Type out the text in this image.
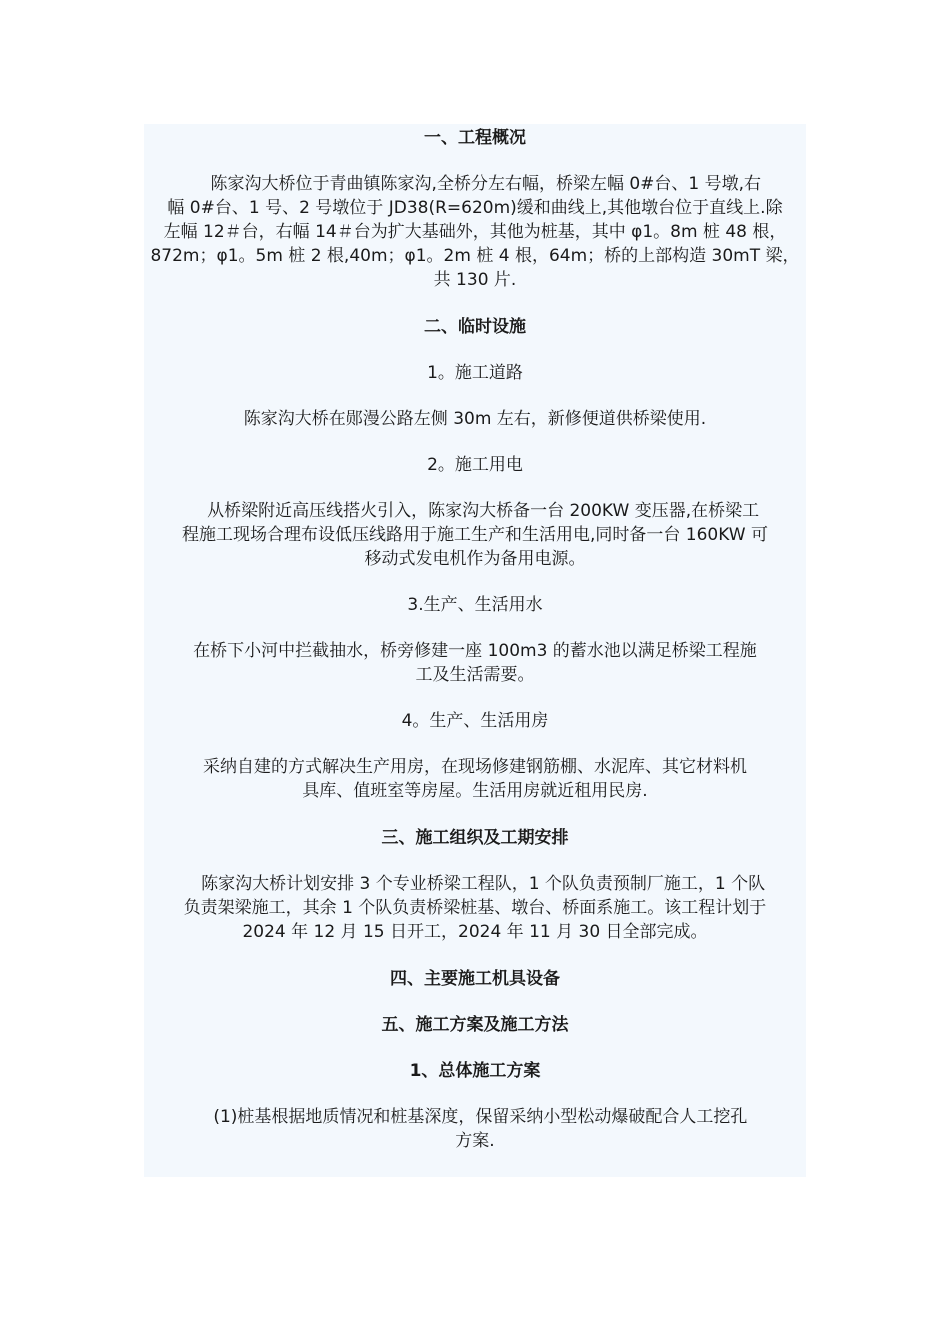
一、工程概况

陈家沟大桥位于青曲镇陈家沟,全桥分左右幅，桥梁左幅 0#台、1 号墩,右

幅 0#台、1 号、2 号墩位于 JD38(R=620m)缓和曲线上,其他墩台位于直线上.除

左幅 12＃台，右幅 14＃台为扩大基础外，其他为桩基，其中 φ1。8m 桩 48 根，

872m；φ1。5m 桩 2 根,40m；φ1。2m 桩 4 根，64m；桥的上部构造 30mT 梁，

共 130 片.

二、临时设施

1。施工道路

陈家沟大桥在郧漫公路左侧 30m 左右，新修便道供桥梁使用.

2。施工用电

从桥梁附近高压线搭火引入，陈家沟大桥备一台 200KW 变压器,在桥梁工

程施工现场合理布设低压线路用于施工生产和生活用电,同时备一台 160KW 可

移动式发电机作为备用电源。

3.生产、生活用水

在桥下小河中拦截抽水，桥旁修建一座 100m3 的蓄水池以满足桥梁工程施

工及生活需要。

4。生产、生活用房

采纳自建的方式解决生产用房，在现场修建钢筋棚、水泥库、其它材料机

具库、值班室等房屋。生活用房就近租用民房.

三、施工组织及工期安排

陈家沟大桥计划安排 3 个专业桥梁工程队，1 个队负责预制厂施工，1 个队

负责架梁施工，其余 1 个队负责桥梁桩基、墩台、桥面系施工。该工程计划于

2024 年 12 月 15 日开工，2024 年 11 月 30 日全部完成。

四、主要施工机具设备

五、施工方案及施工方法

1、总体施工方案

(1)桩基根据地质情况和桩基深度，保留采纳小型松动爆破配合人工挖孔

方案.
